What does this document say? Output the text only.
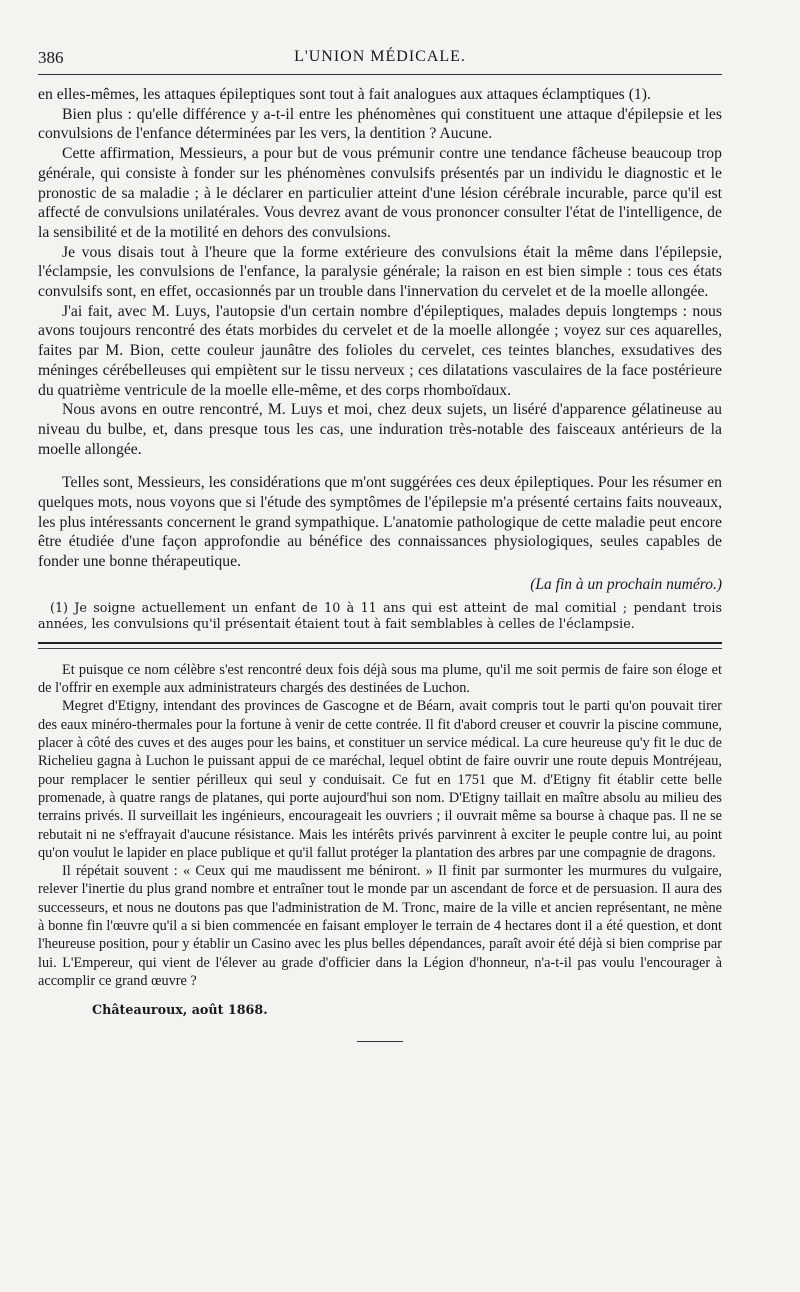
386	L'UNION MÉDICALE.

en elles-mêmes, les attaques épileptiques sont tout à fait analogues aux attaques éclamptiques (1).

Bien plus : qu'elle différence y a-t-il entre les phénomènes qui constituent une attaque d'épilepsie et les convulsions de l'enfance déterminées par les vers, la dentition ? Aucune.

Cette affirmation, Messieurs, a pour but de vous prémunir contre une tendance fâcheuse beaucoup trop générale, qui consiste à fonder sur les phénomènes convulsifs présentés par un individu le diagnostic et le pronostic de sa maladie ; à le déclarer en particulier atteint d'une lésion cérébrale incurable, parce qu'il est affecté de convulsions unilatérales. Vous devrez avant de vous prononcer consulter l'état de l'intelligence, de la sensibilité et de la motilité en dehors des convulsions.

Je vous disais tout à l'heure que la forme extérieure des convulsions était la même dans l'épilepsie, l'éclampsie, les convulsions de l'enfance, la paralysie générale; la raison en est bien simple : tous ces états convulsifs sont, en effet, occasionnés par un trouble dans l'innervation du cervelet et de la moelle allongée.

J'ai fait, avec M. Luys, l'autopsie d'un certain nombre d'épileptiques, malades depuis longtemps : nous avons toujours rencontré des états morbides du cervelet et de la moelle allongée ; voyez sur ces aquarelles, faites par M. Bion, cette couleur jaunâtre des folioles du cervelet, ces teintes blanches, exsudatives des méninges cérébelleuses qui empiètent sur le tissu nerveux ; ces dilatations vasculaires de la face postérieure du quatrième ventricule de la moelle elle-même, et des corps rhomboïdaux.

Nous avons en outre rencontré, M. Luys et moi, chez deux sujets, un liséré d'apparence gélatineuse au niveau du bulbe, et, dans presque tous les cas, une induration très-notable des faisceaux antérieurs de la moelle allongée.

Telles sont, Messieurs, les considérations que m'ont suggérées ces deux épileptiques. Pour les résumer en quelques mots, nous voyons que si l'étude des symptômes de l'épilepsie m'a présenté certains faits nouveaux, les plus intéressants concernent le grand sympathique. L'anatomie pathologique de cette maladie peut encore être étudiée d'une façon approfondie au bénéfice des connaissances physiologiques, seules capables de fonder une bonne thérapeutique.

(La fin à un prochain numéro.)
(1) Je soigne actuellement un enfant de 10 à 11 ans qui est atteint de mal comitial ; pendant trois années, les convulsions qu'il présentait étaient tout à fait semblables à celles de l'éclampsie.

Et puisque ce nom célèbre s'est rencontré deux fois déjà sous ma plume, qu'il me soit permis de faire son éloge et de l'offrir en exemple aux administrateurs chargés des destinées de Luchon.

Megret d'Etigny, intendant des provinces de Gascogne et de Béarn, avait compris tout le parti qu'on pouvait tirer des eaux minéro-thermales pour la fortune à venir de cette contrée. Il fit d'abord creuser et couvrir la piscine commune, placer à côté des cuves et des auges pour les bains, et constituer un service médical. La cure heureuse qu'y fit le duc de Richelieu gagna à Luchon le puissant appui de ce maréchal, lequel obtint de faire ouvrir une route depuis Montréjeau, pour remplacer le sentier périlleux qui seul y conduisait. Ce fut en 1751 que M. d'Etigny fit établir cette belle promenade, à quatre rangs de platanes, qui porte aujourd'hui son nom. D'Etigny taillait en maître absolu au milieu des terrains privés. Il surveillait les ingénieurs, encourageait les ouvriers ; il ouvrait même sa bourse à chaque pas. Il ne se rebutait ni ne s'effrayait d'aucune résistance. Mais les intérêts privés parvinrent à exciter le peuple contre lui, au point qu'on voulut le lapider en place publique et qu'il fallut protéger la plantation des arbres par une compagnie de dragons.

Il répétait souvent : « Ceux qui me maudissent me béniront. » Il finit par surmonter les murmures du vulgaire, relever l'inertie du plus grand nombre et entraîner tout le monde par un ascendant de force et de persuasion. Il aura des successeurs, et nous ne doutons pas que l'administration de M. Tronc, maire de la ville et ancien représentant, ne mène à bonne fin l'œuvre qu'il a si bien commencée en faisant employer le terrain de 4 hectares dont il a été question, et dont l'heureuse position, pour y établir un Casino avec les plus belles dépendances, paraît avoir été déjà si bien comprise par lui. L'Empereur, qui vient de l'élever au grade d'officier dans la Légion d'honneur, n'a-t-il pas voulu l'encourager à accomplir ce grand œuvre ?

Châteauroux, août 1868.
